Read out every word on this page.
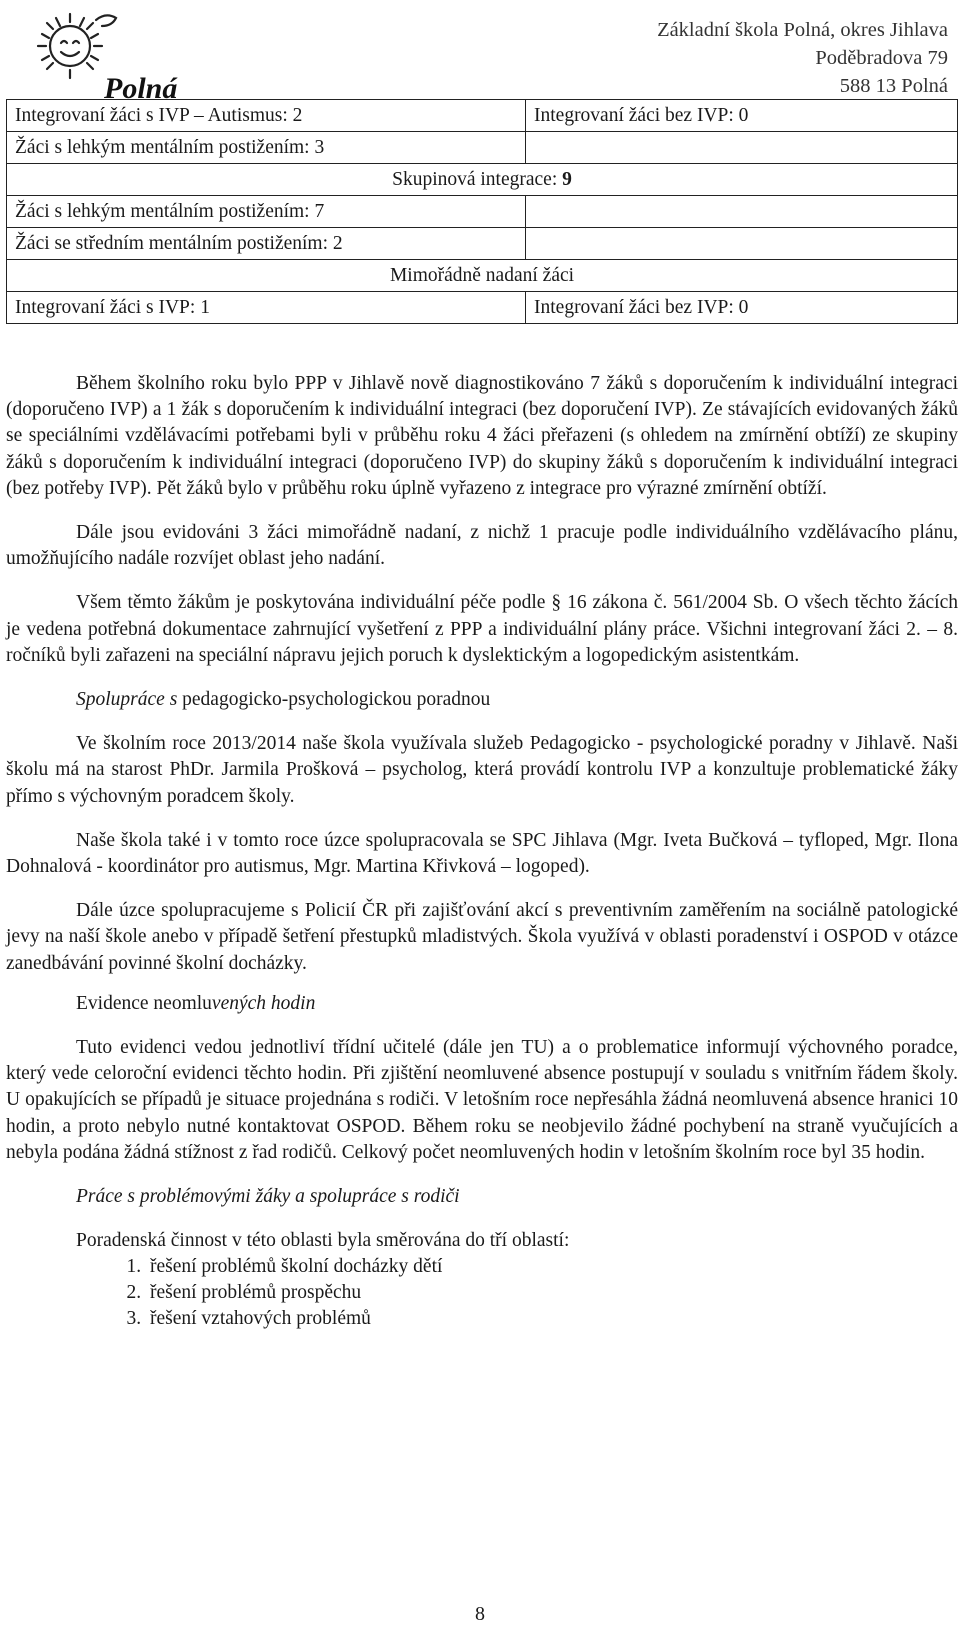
Polná
Základní škola Polná, okres Jihlava
Poděbradova 79
588 13 Polná
Integrovaní žáci s IVP – Autismus: 2	Integrovaní žáci bez IVP: 0
Žáci s lehkým mentálním postižením: 3	
Skupinová integrace: 9	
Žáci s lehkým mentálním postižením: 7	
Žáci se středním mentálním postižením: 2	
Mimořádně nadaní žáci	
Integrovaní žáci s IVP: 1	Integrovaní žáci bez IVP: 0

Během školního roku bylo PPP v Jihlavě nově diagnostikováno 7 žáků s doporučením k individuální integraci (doporučeno IVP) a 1 žák s doporučením k individuální integraci (bez doporučení IVP). Ze stávajících evidovaných žáků se speciálními vzdělávacími potřebami byli v průběhu roku 4 žáci přeřazeni (s ohledem na zmírnění obtíží) ze skupiny žáků s doporučením k individuální integraci (doporučeno IVP) do skupiny žáků s doporučením k individuální integraci (bez potřeby IVP). Pět žáků bylo v průběhu roku úplně vyřazeno z integrace pro výrazné zmírnění obtíží.

Dále jsou evidováni 3 žáci mimořádně nadaní, z nichž 1 pracuje podle individuálního vzdělávacího plánu, umožňujícího nadále rozvíjet oblast jeho nadání.

Všem těmto žákům je poskytována individuální péče podle § 16 zákona č. 561/2004 Sb. O všech těchto žácích je vedena potřebná dokumentace zahrnující vyšetření z PPP a individuální plány práce. Všichni integrovaní žáci 2. – 8. ročníků byli zařazeni na speciální nápravu jejich poruch k dyslektickým a logopedickým asistentkám.

Spolupráce s pedagogicko-psychologickou poradnou

Ve školním roce 2013/2014 naše škola využívala služeb Pedagogicko - psychologické poradny v Jihlavě. Naši školu má na starost PhDr. Jarmila Prošková – psycholog, která provádí kontrolu IVP a konzultuje problematické žáky přímo s výchovným poradcem školy.

Naše škola také i v tomto roce úzce spolupracovala se SPC Jihlava (Mgr. Iveta Bučková – tyfloped, Mgr. Ilona Dohnalová - koordinátor pro autismus, Mgr. Martina Křivková – logoped).

Dále úzce spolupracujeme s Policií ČR při zajišťování akcí s preventivním zaměřením na sociálně patologické jevy na naší škole anebo v případě šetření přestupků mladistvých. Škola využívá v oblasti poradenství i OSPOD v otázce zanedbávání povinné školní docházky.

Evidence neomluvených hodin

Tuto evidenci vedou jednotliví třídní učitelé (dále jen TU) a o problematice informují výchovného poradce, který vede celoroční evidenci těchto hodin. Při zjištění neomluvené absence postupují v souladu s vnitřním řádem školy. U opakujících se případů je situace projednána s rodiči. V letošním roce nepřesáhla žádná neomluvená absence hranici 10 hodin, a proto nebylo nutné kontaktovat OSPOD. Během roku se neobjevilo žádné pochybení na straně vyučujících a nebyla podána žádná stížnost z řad rodičů. Celkový počet neomluvených hodin v letošním školním roce byl 35 hodin.

Práce s problémovými žáky a spolupráce s rodiči

Poradenská činnost v této oblasti byla směrována do tří oblastí:

1. řešení problémů školní docházky dětí
2. řešení problémů prospěchu
3. řešení vztahových problémů
8
